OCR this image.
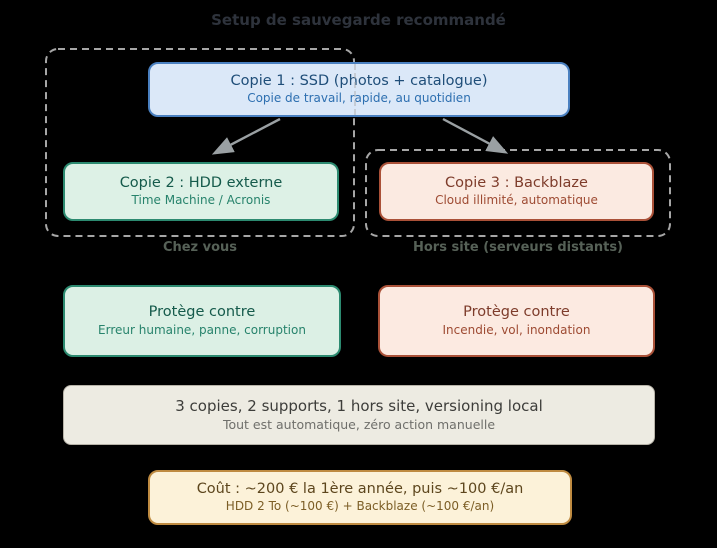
Setup de sauvegarde recommandé
Copie 1 : SSD (photos + catalogue)
Copie de travail, rapide, au quotidien
Copie 2 : HDD externe
Time Machine / Acronis
Copie 3 : Backblaze
Cloud illimité, automatique
Chez vous	Hors site (serveurs distants)
Protège contre
Erreur humaine, panne, corruption
Protège contre
Incendie, vol, inondation
3 copies, 2 supports, 1 hors site, versioning local
Tout est automatique, zéro action manuelle
Coût : ~200 € la 1ère année, puis ~100 €/an
HDD 2 To (~100 €) + Backblaze (~100 €/an)
